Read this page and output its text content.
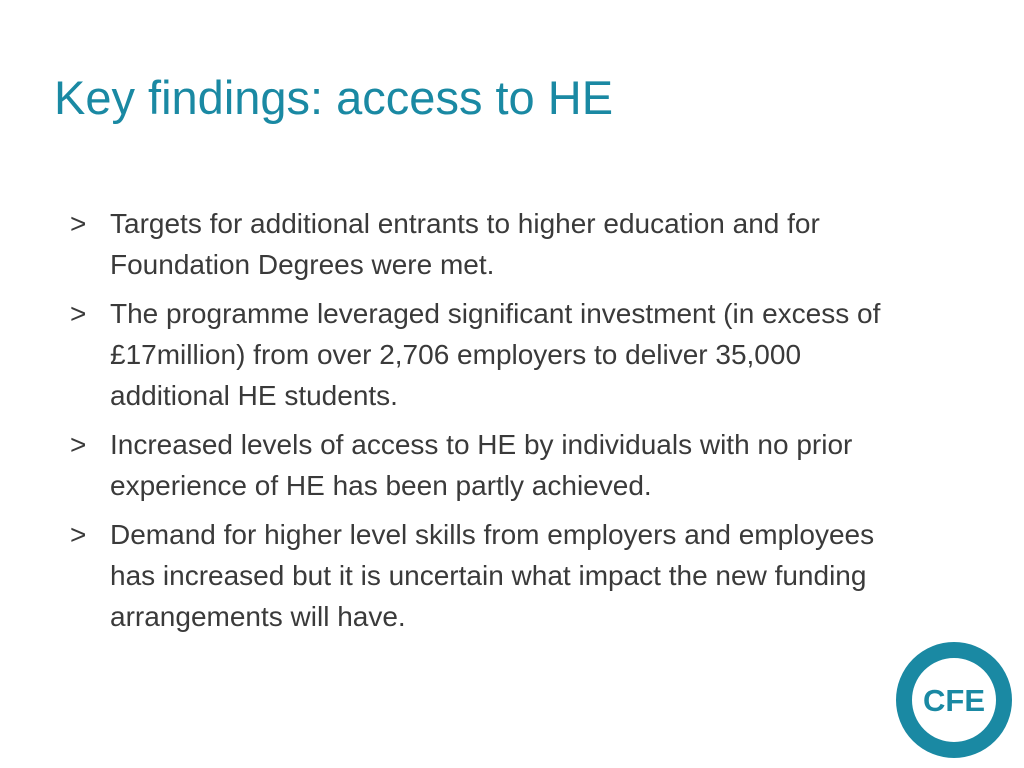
Key findings: access to HE
> Targets for additional entrants to higher education and for Foundation Degrees were met.
> The programme leveraged significant investment (in excess of £17million) from over 2,706 employers to deliver 35,000 additional HE students.
> Increased levels of access to HE by individuals with no prior experience of HE has been partly achieved.
> Demand for higher level skills from employers and employees has increased but it is uncertain what impact the new funding arrangements will have.
CFE
